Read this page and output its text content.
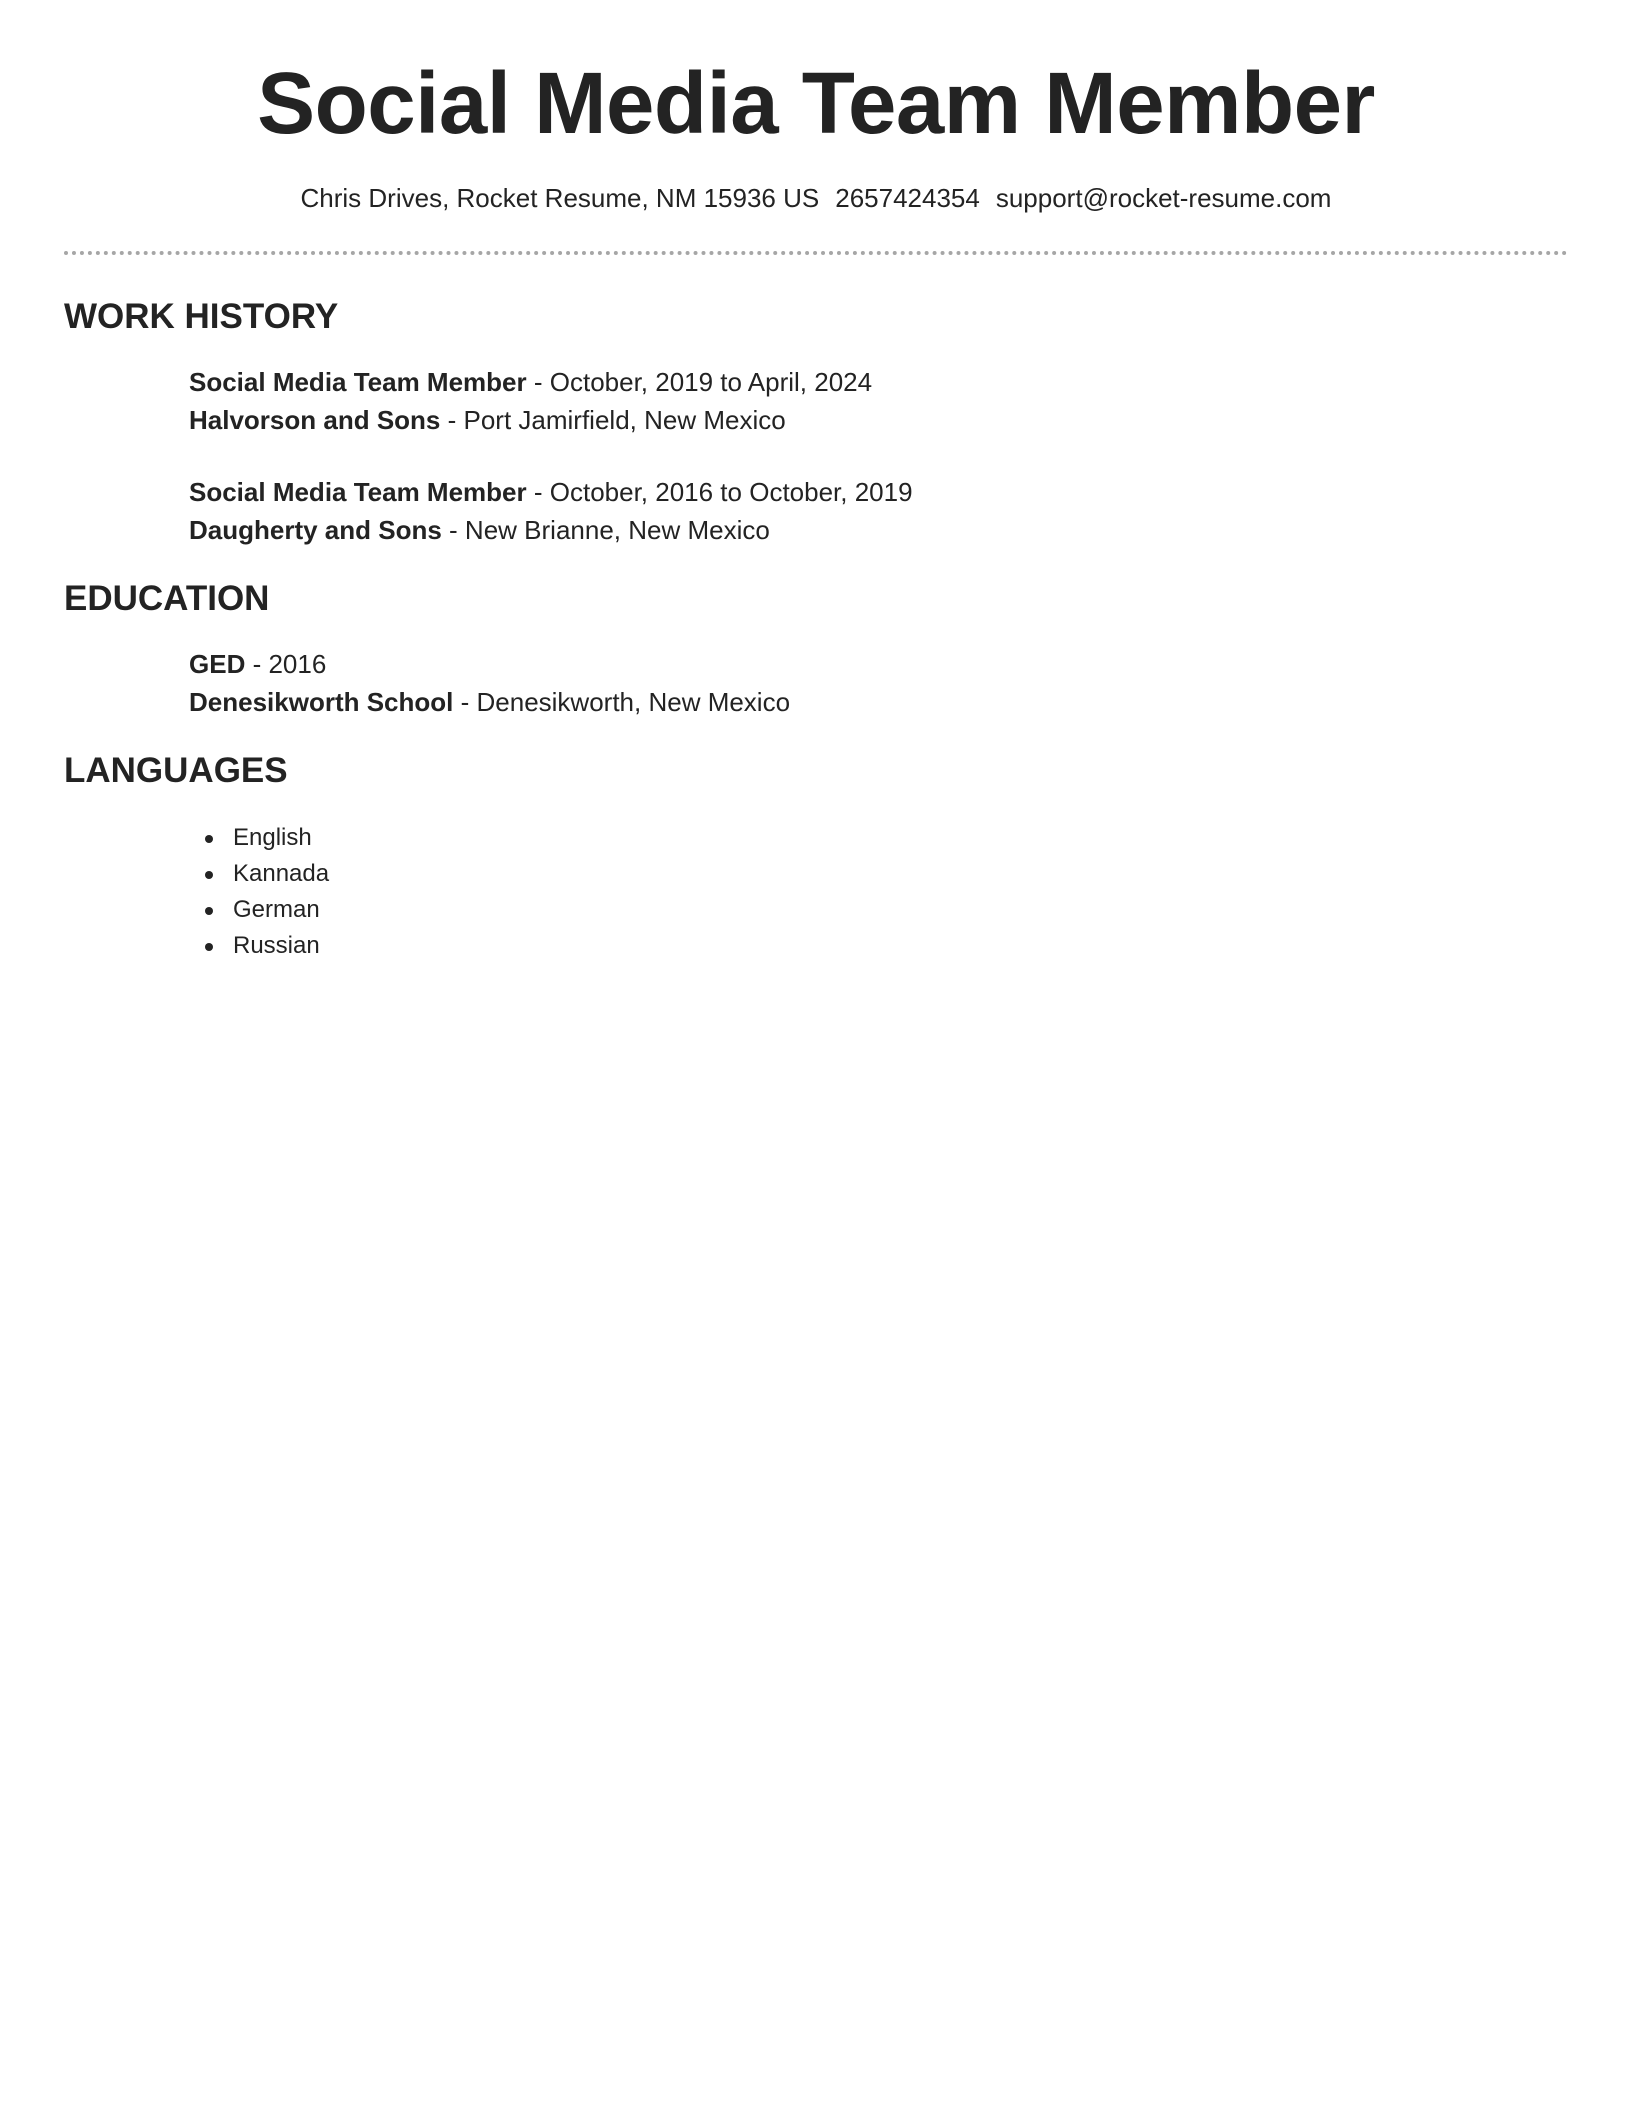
Social Media Team Member
Chris Drives, Rocket Resume, NM 15936 US 2657424354 support@rocket-resume.com
WORK HISTORY
Social Media Team Member - October, 2019 to April, 2024
Halvorson and Sons - Port Jamirfield, New Mexico
Social Media Team Member - October, 2016 to October, 2019
Daugherty and Sons - New Brianne, New Mexico
EDUCATION
GED - 2016
Denesikworth School - Denesikworth, New Mexico
LANGUAGES
English
Kannada
German
Russian
